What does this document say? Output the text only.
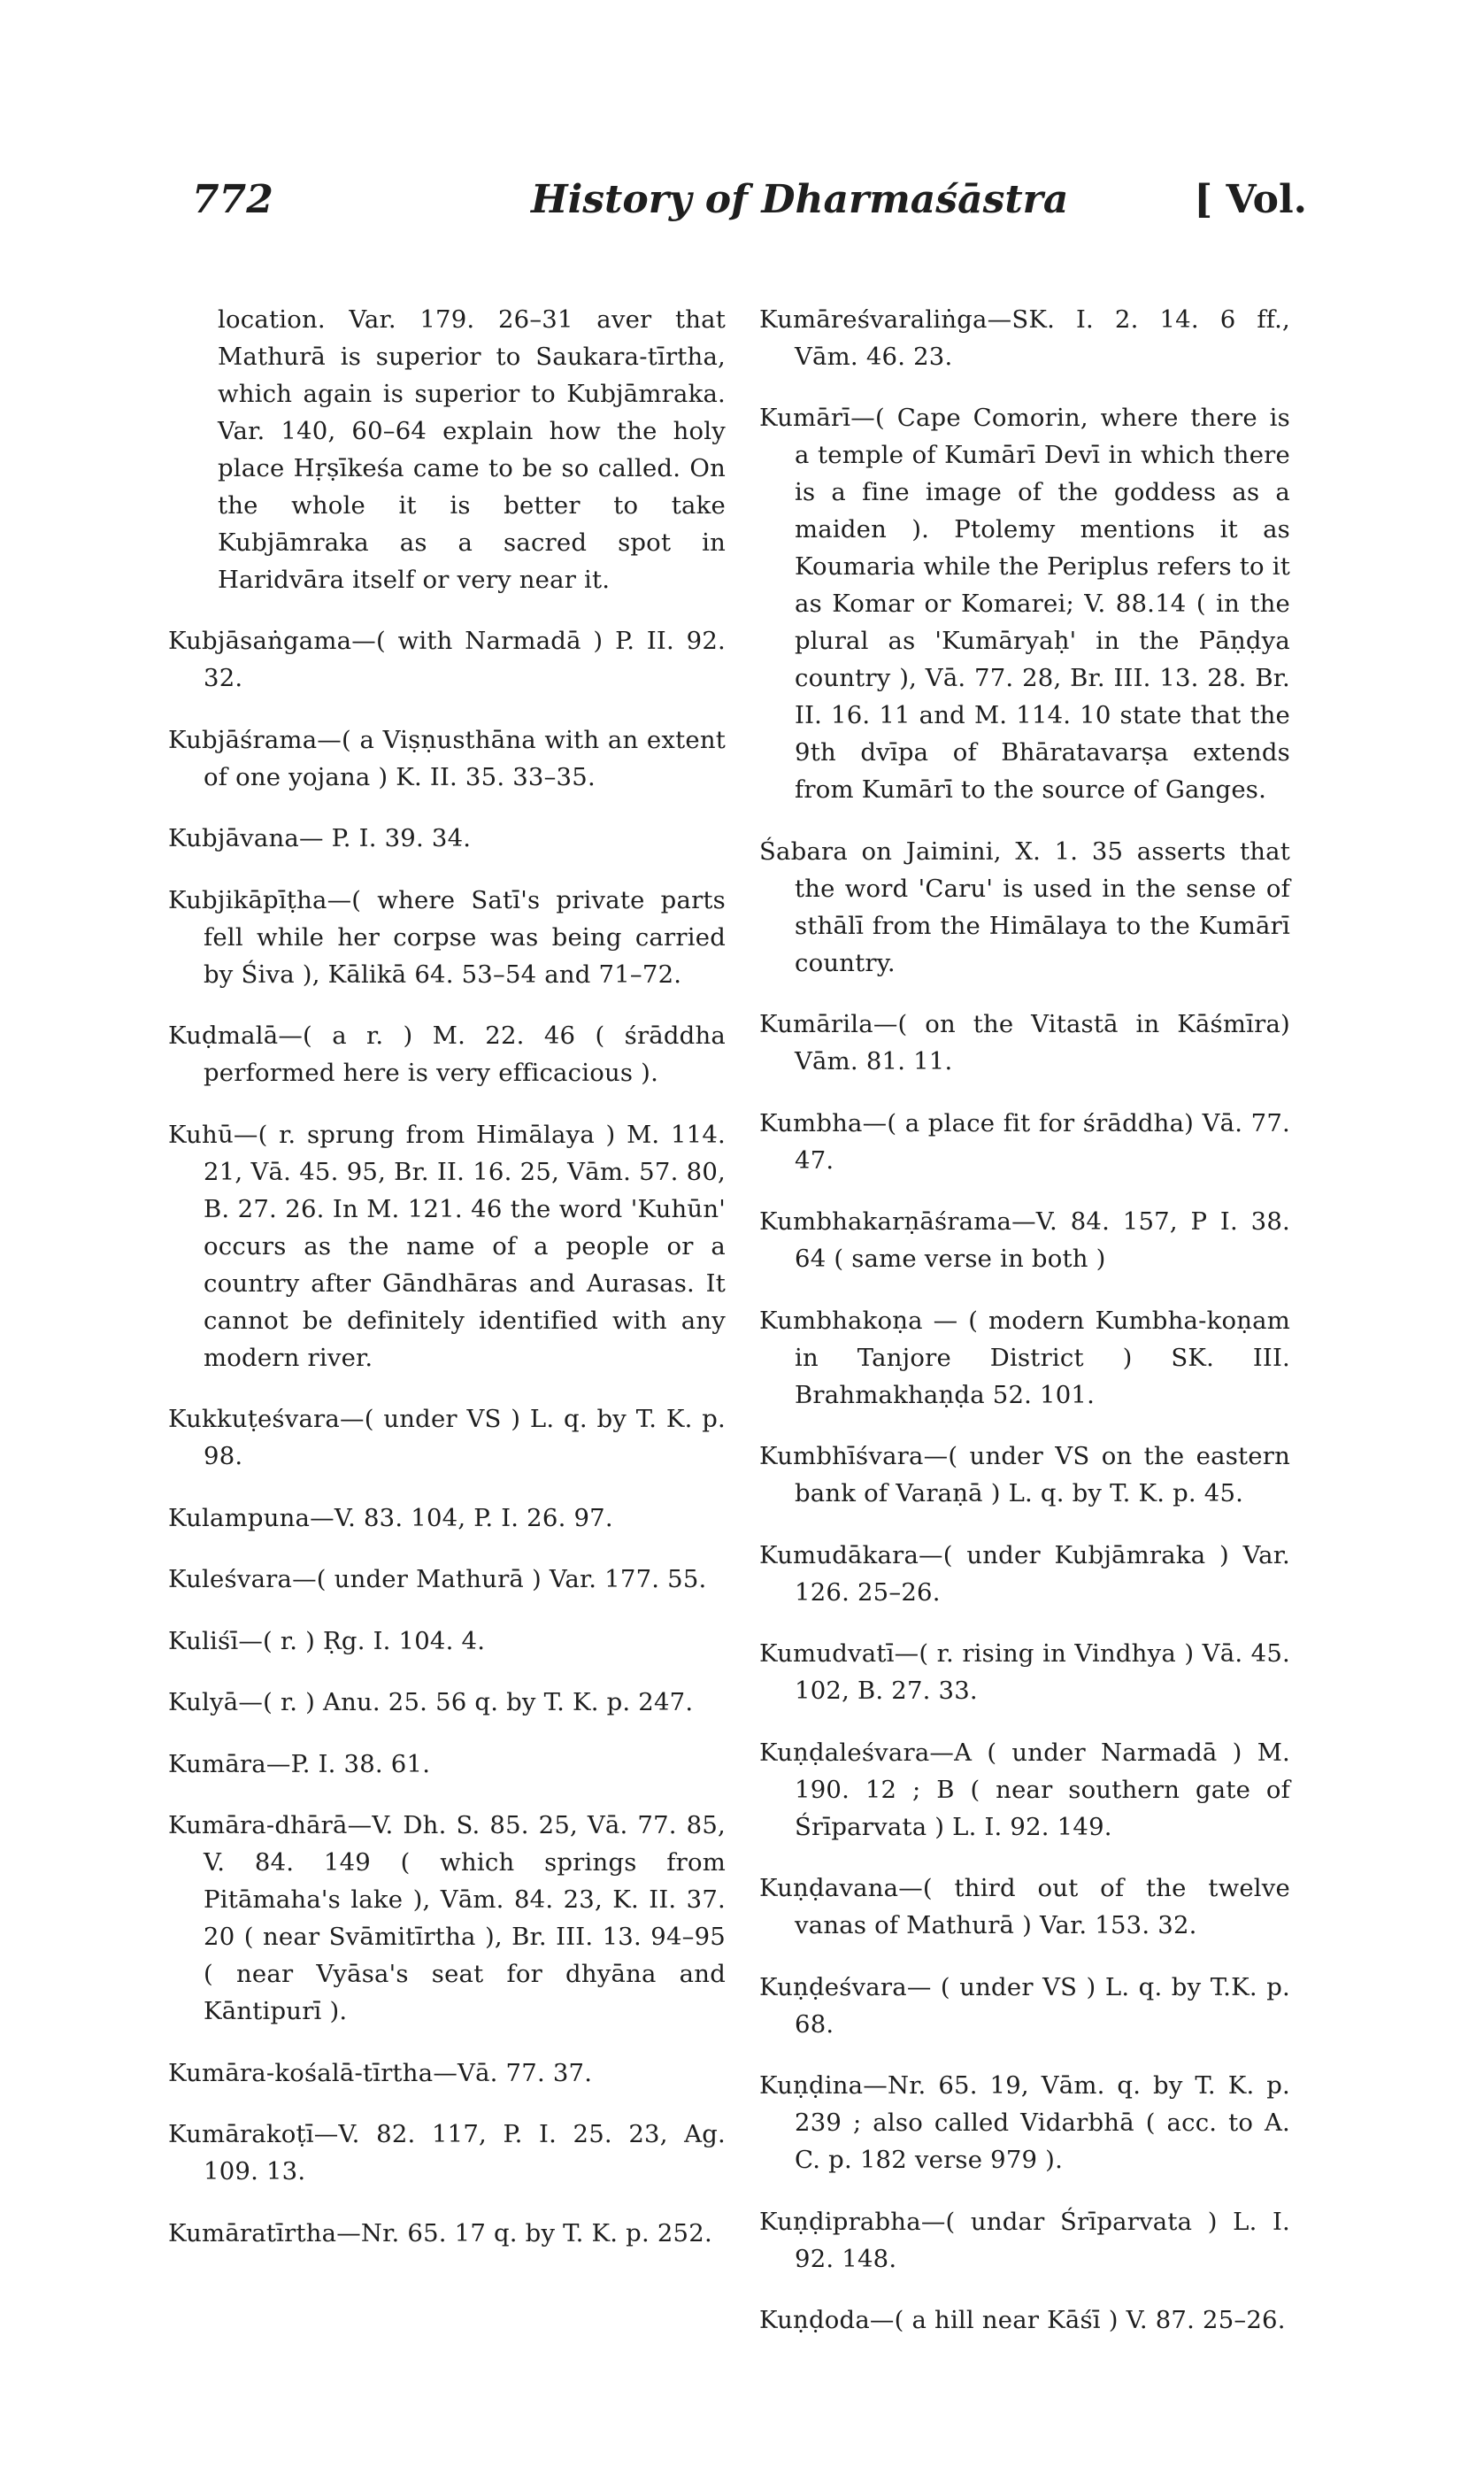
772	History of Dharmaśāstra	[ Vol.

location. Var. 179. 26–31 aver that Mathurā is superior to Saukara-tīrtha, which again is superior to Kubjāmraka. Var. 140, 60–64 explain how the holy place Hṛṣīkeśa came to be so called. On the whole it is better to take Kubjāmraka as a sacred spot in Haridvāra itself or very near it.

Kubjāsaṅgama—( with Narmadā ) P. II. 92. 32.

Kubjāśrama—( a Viṣṇusthāna with an extent of one yojana ) K. II. 35. 33–35.

Kubjāvana— P. I. 39. 34.

Kubjikāpīṭha—( where Satī's private parts fell while her corpse was being carried by Śiva ), Kālikā 64. 53–54 and 71–72.

Kuḍmalā—( a r. ) M. 22. 46 ( śrāddha performed here is very efficacious ).

Kuhū—( r. sprung from Himālaya ) M. 114. 21, Vā. 45. 95, Br. II. 16. 25, Vām. 57. 80, B. 27. 26. In M. 121. 46 the word 'Kuhūn' occurs as the name of a people or a country after Gāndhāras and Aurasas. It cannot be definitely identified with any modern river.

Kukkuṭeśvara—( under VS ) L. q. by T. K. p. 98.

Kulampuna—V. 83. 104, P. I. 26. 97.

Kuleśvara—( under Mathurā ) Var. 177. 55.

Kuliśī—( r. ) Ṛg. I. 104. 4.

Kulyā—( r. ) Anu. 25. 56 q. by T. K. p. 247.

Kumāra—P. I. 38. 61.

Kumāra-dhārā—V. Dh. S. 85. 25, Vā. 77. 85, V. 84. 149 ( which springs from Pitāmaha's lake ), Vām. 84. 23, K. II. 37. 20 ( near Svāmitīrtha ), Br. III. 13. 94–95 ( near Vyāsa's seat for dhyāna and Kāntipurī ).

Kumāra-kośalā-tīrtha—Vā. 77. 37.

Kumārakoṭī—V. 82. 117, P. I. 25. 23, Ag. 109. 13.

Kumāratīrtha—Nr. 65. 17 q. by T. K. p. 252.

Kumāreśvaraliṅga—SK. I. 2. 14. 6 ff., Vām. 46. 23.

Kumārī—( Cape Comorin, where there is a temple of Kumārī Devī in which there is a fine image of the goddess as a maiden ). Ptolemy mentions it as Koumaria while the Periplus refers to it as Komar or Komarei; V. 88.14 ( in the plural as 'Kumāryaḥ' in the Pāṇḍya country ), Vā. 77. 28, Br. III. 13. 28. Br. II. 16. 11 and M. 114. 10 state that the 9th dvīpa of Bhāratavarṣa extends from Kumārī to the source of Ganges.

Śabara on Jaimini, X. 1. 35 asserts that the word 'Caru' is used in the sense of sthālī from the Himālaya to the Kumārī country.

Kumārila—( on the Vitastā in Kāśmīra) Vām. 81. 11.

Kumbha—( a place fit for śrāddha) Vā. 77. 47.

Kumbhakarṇāśrama—V. 84. 157, P I. 38. 64 ( same verse in both )

Kumbhakoṇa — ( modern Kumbha-koṇam in Tanjore District ) SK. III. Brahmakhaṇḍa 52. 101.

Kumbhīśvara—( under VS on the eastern bank of Varaṇā ) L. q. by T. K. p. 45.

Kumudākara—( under Kubjāmraka ) Var. 126. 25–26.

Kumudvatī—( r. rising in Vindhya ) Vā. 45. 102, B. 27. 33.

Kuṇḍaleśvara—A ( under Narmadā ) M. 190. 12 ; B ( near southern gate of Śrīparvata ) L. I. 92. 149.

Kuṇḍavana—( third out of the twelve vanas of Mathurā ) Var. 153. 32.

Kuṇḍeśvara— ( under VS ) L. q. by T.K. p. 68.

Kuṇḍina—Nr. 65. 19, Vām. q. by T. K. p. 239 ; also called Vidarbhā ( acc. to A. C. p. 182 verse 979 ).

Kuṇḍiprabha—( undar Śrīparvata ) L. I. 92. 148.

Kuṇḍoda—( a hill near Kāśī ) V. 87. 25–26.
